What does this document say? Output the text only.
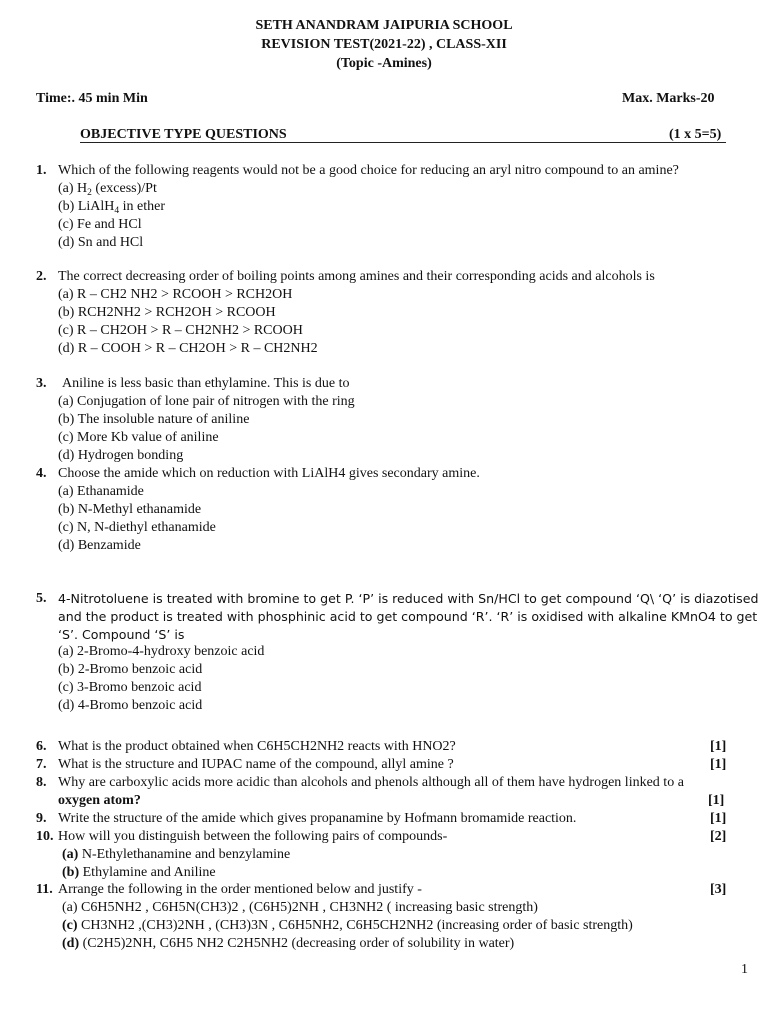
SETH ANANDRAM JAIPURIA SCHOOL
REVISION TEST(2021-22) , CLASS-XII
(Topic -Amines)
Time:. 45 min Min	Max. Marks-20
OBJECTIVE TYPE QUESTIONS	(1 x 5=5)
1. Which of the following reagents would not be a good choice for reducing an aryl nitro compound to an amine?
(a) $H_2$ (excess)/Pt
(b) LiAlH$_4$ in ether
(c) Fe and HCl
(d) Sn and HCl
2. The correct decreasing order of boiling points among amines and their corresponding acids and alcohols is
(a) R – CH2 NH2 > RCOOH > RCH2OH
(b) RCH2NH2 > RCH2OH > RCOOH
(c) R – CH2OH > R – CH2NH2 > RCOOH
(d) R – COOH > R – CH2OH > R – CH2NH2
3. Aniline is less basic than ethylamine. This is due to
(a) Conjugation of lone pair of nitrogen with the ring
(b) The insoluble nature of aniline
(c) More Kb value of aniline
(d) Hydrogen bonding
4. Choose the amide which on reduction with LiAlH4 gives secondary amine.
(a) Ethanamide
(b) N-Methyl ethanamide
(c) N, N-diethyl ethanamide
(d) Benzamide
5. 4-Nitrotoluene is treated with bromine to get P. ‘P’ is reduced with Sn/HCl to get compound ‘Q\ ‘Q’ is diazotised
and the product is treated with phosphinic acid to get compound ‘R’. ‘R’ is oxidised with alkaline KMnO4 to get
‘S’. Compound ‘S’ is
(a) 2-Bromo-4-hydroxy benzoic acid
(b) 2-Bromo benzoic acid
(c) 3-Bromo benzoic acid
(d) 4-Bromo benzoic acid
6. What is the product obtained when C6H5CH2NH2 reacts with HNO2?	[1]
7. What is the structure and IUPAC name of the compound, allyl amine ?	[1]
8. Why are carboxylic acids more acidic than alcohols and phenols although all of them have hydrogen linked to a
oxygen atom?	[1]
9. Write the structure of the amide which gives propanamine by Hofmann bromamide reaction.	[1]
10. How will you distinguish between the following pairs of compounds-	[2]
(a) N-Ethylethanamine and benzylamine
(b) Ethylamine and Aniline
11. Arrange the following in the order mentioned below and justify -	[3]
(a) C6H5NH2 , C6H5N(CH3)2 , (C6H5)2NH , CH3NH2 ( increasing basic strength)
(c) CH3NH2 ,(CH3)2NH , (CH3)3N , C6H5NH2, C6H5CH2NH2 (increasing order of basic strength)
(d) (C2H5)2NH, C6H5 NH2 C2H5NH2 (decreasing order of solubility in water)
1
